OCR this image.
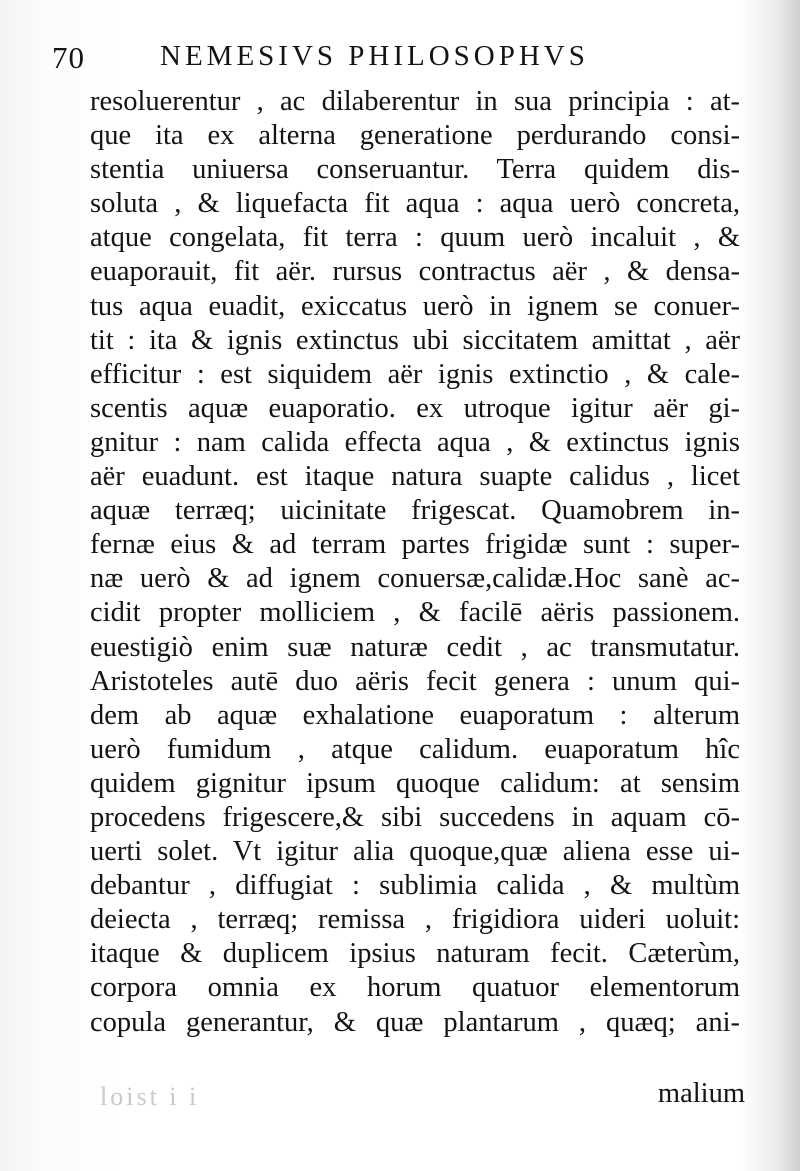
70	NEMESIVS PHILOSOPHVS
resoluerentur , ac dilaberentur in sua principia : at-
que ita ex alterna generatione perdurando consi-
stentia uniuersa conseruantur. Terra quidem dis-
soluta , & liquefacta fit aqua : aqua uerò concreta,
atque congelata, fit terra : quum uerò incaluit , &
euaporauit, fit aër. rursus contractus aër , & densa-
tus aqua euadit, exiccatus uerò in ignem se conuer-
tit : ita & ignis extinctus ubi siccitatem amittat , aër
efficitur : est siquidem aër ignis extinctio , & cale-
scentis aquæ euaporatio. ex utroque igitur aër gi-
gnitur : nam calida effecta aqua , & extinctus ignis
aër euadunt. est itaque natura suapte calidus , licet
aquæ terræq; uicinitate frigescat. Quamobrem in-
fernæ eius & ad terram partes frigidæ sunt : super-
næ uerò & ad ignem conuersæ,calidæ.Hoc sanè ac-
cidit propter molliciem , & facilē aëris passionem.
euestigiò enim suæ naturæ cedit , ac transmutatur.
Aristoteles autē duo aëris fecit genera : unum qui-
dem ab aquæ exhalatione euaporatum : alterum
uerò fumidum , atque calidum. euaporatum hîc
quidem gignitur ipsum quoque calidum: at sensim
procedens frigescere,& sibi succedens in aquam cō-
uerti solet. Vt igitur alia quoque,quæ aliena esse ui-
debantur , diffugiat : sublimia calida , & multùm
deiecta , terræq; remissa , frigidiora uideri uoluit:
itaque & duplicem ipsius naturam fecit. Cæterùm,
corpora omnia ex horum quatuor elementorum
copula generantur, & quæ plantarum , quæq; ani-
loist i i	malium
